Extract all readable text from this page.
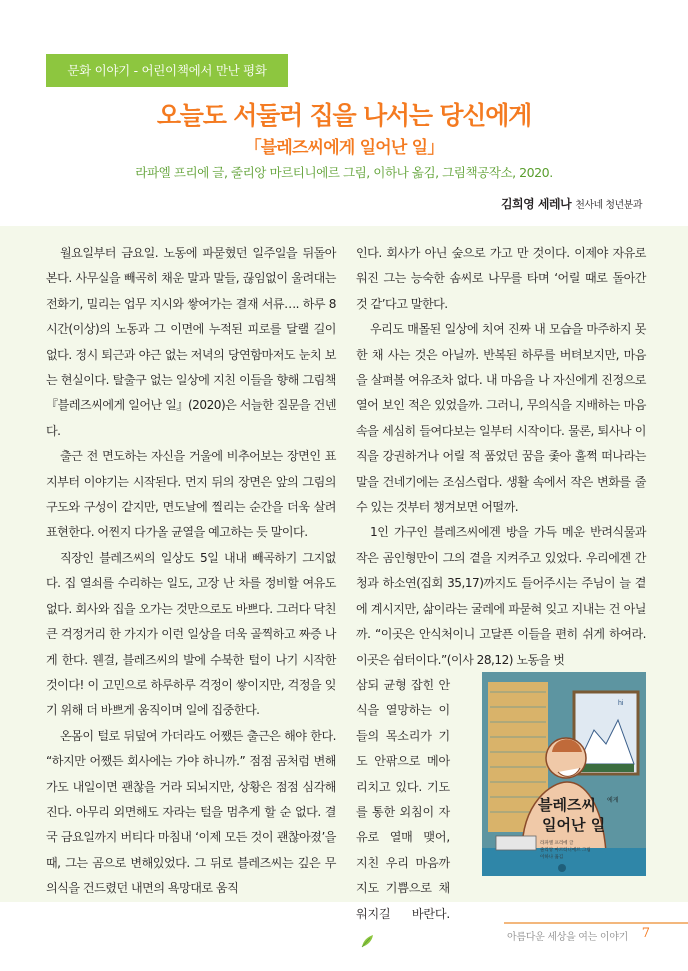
문화 이야기 - 어린이책에서 만난 평화
오늘도 서둘러 집을 나서는 당신에게
「블레즈씨에게 일어난 일」
라파엘 프리에 글, 줄리앙 마르티니에르 그림, 이하나 옮김, 그림책공작소, 2020.
김희영 세레나 천사네 청년분과

월요일부터 금요일. 노동에 파묻혔던 일주일을 뒤돌아본다. 사무실을 빼곡히 채운 말과 말들, 끊임없이 울려대는 전화기, 밀리는 업무 지시와 쌓여가는 결재 서류…. 하루 8시간(이상)의 노동과 그 이면에 누적된 피로를 달랠 길이 없다. 정시 퇴근과 야근 없는 저녁의 당연함마저도 눈치 보는 현실이다. 탈출구 없는 일상에 지친 이들을 향해 그림책『블레즈씨에게 일어난 일』(2020)은 서늘한 질문을 건넨다.

출근 전 면도하는 자신을 거울에 비추어보는 장면인 표지부터 이야기는 시작된다. 먼지 뒤의 장면은 앞의 그림의 구도와 구성이 같지만, 면도날에 찔리는 순간을 더욱 살려 표현한다. 어찐지 다가올 균열을 예고하는 듯 말이다.

직장인 블레즈씨의 일상도 5일 내내 빼곡하기 그지없다. 집 열쇠를 수리하는 일도, 고장 난 차를 정비할 여유도 없다. 회사와 집을 오가는 것만으로도 바쁘다. 그러다 닥친 큰 걱정거리 한 가지가 이런 일상을 더욱 골찍하고 짜증 나게 한다. 웬걸, 블레즈씨의 발에 수북한 털이 나기 시작한 것이다! 이 고민으로 하루하루 걱정이 쌓이지만, 걱정을 잊기 위해 더 바쁘게 움직이며 일에 집중한다.

온몸이 털로 뒤덮여 가더라도 어쨌든 출근은 해야 한다. “하지만 어쨌든 회사에는 가야 하니까.” 점점 곰처럼 변해가도 내일이면 괜찮을 거라 되뇌지만, 상황은 점점 심각해진다. 아무리 외면해도 자라는 털을 멈추게 할 순 없다. 결국 금요일까지 버티다 마침내 ‘이제 모든 것이 괜찮아졌’을 때, 그는 곰으로 변해있었다. 그 뒤로 블레즈씨는 깊은 무의식을 건드렸던 내면의 욕망대로 움직

인다. 회사가 아닌 숲으로 가고 만 것이다. 이제야 자유로워진 그는 능숙한 솜씨로 나무를 타며 ‘어릴 때로 돌아간 것 같’다고 말한다.

우리도 매몰된 일상에 치여 진짜 내 모습을 마주하지 못한 채 사는 것은 아닐까. 반복된 하루를 버텨보지만, 마음을 살펴볼 여유조차 없다. 내 마음을 나 자신에게 진정으로 열어 보인 적은 있었을까. 그러니, 무의식을 지배하는 마음속을 세심히 들여다보는 일부터 시작이다. 물론, 퇴사나 이직을 강권하거나 어릴 적 품었던 꿈을 좇아 훌쩍 떠나라는 말을 건네기에는 조심스럽다. 생활 속에서 작은 변화를 줄 수 있는 것부터 챙겨보면 어떨까.

1인 가구인 블레즈씨에겐 방을 가득 메운 반려식물과 작은 곰인형만이 그의 곁을 지켜주고 있었다. 우리에겐 간청과 하소연(집회 35,17)까지도 들어주시는 주님이 늘 곁에 계시지만, 삶이라는 굴레에 파묻혀 잊고 지내는 건 아닐까. “이곳은 안식처이니 고달픈 이들을 편히 쉬게 하여라. 이곳은 쉼터이다.”(이사 28,12) 노동을 벗

삼되 균형 잡힌 안식을 열망하는 이들의 목소리가 기도 안팎으로 메아리치고 있다. 기도를 통한 외침이 자유로 열매 맺어, 지친 우리 마음까지도 기쁨으로 채워지길 바란다.
hi
블레즈씨 에게
일어난 일
라파엘 프리에 글
줄리앙 마르티니에르 그림
이하나 옮김
아름다운 세상을 여는 이야기 7
